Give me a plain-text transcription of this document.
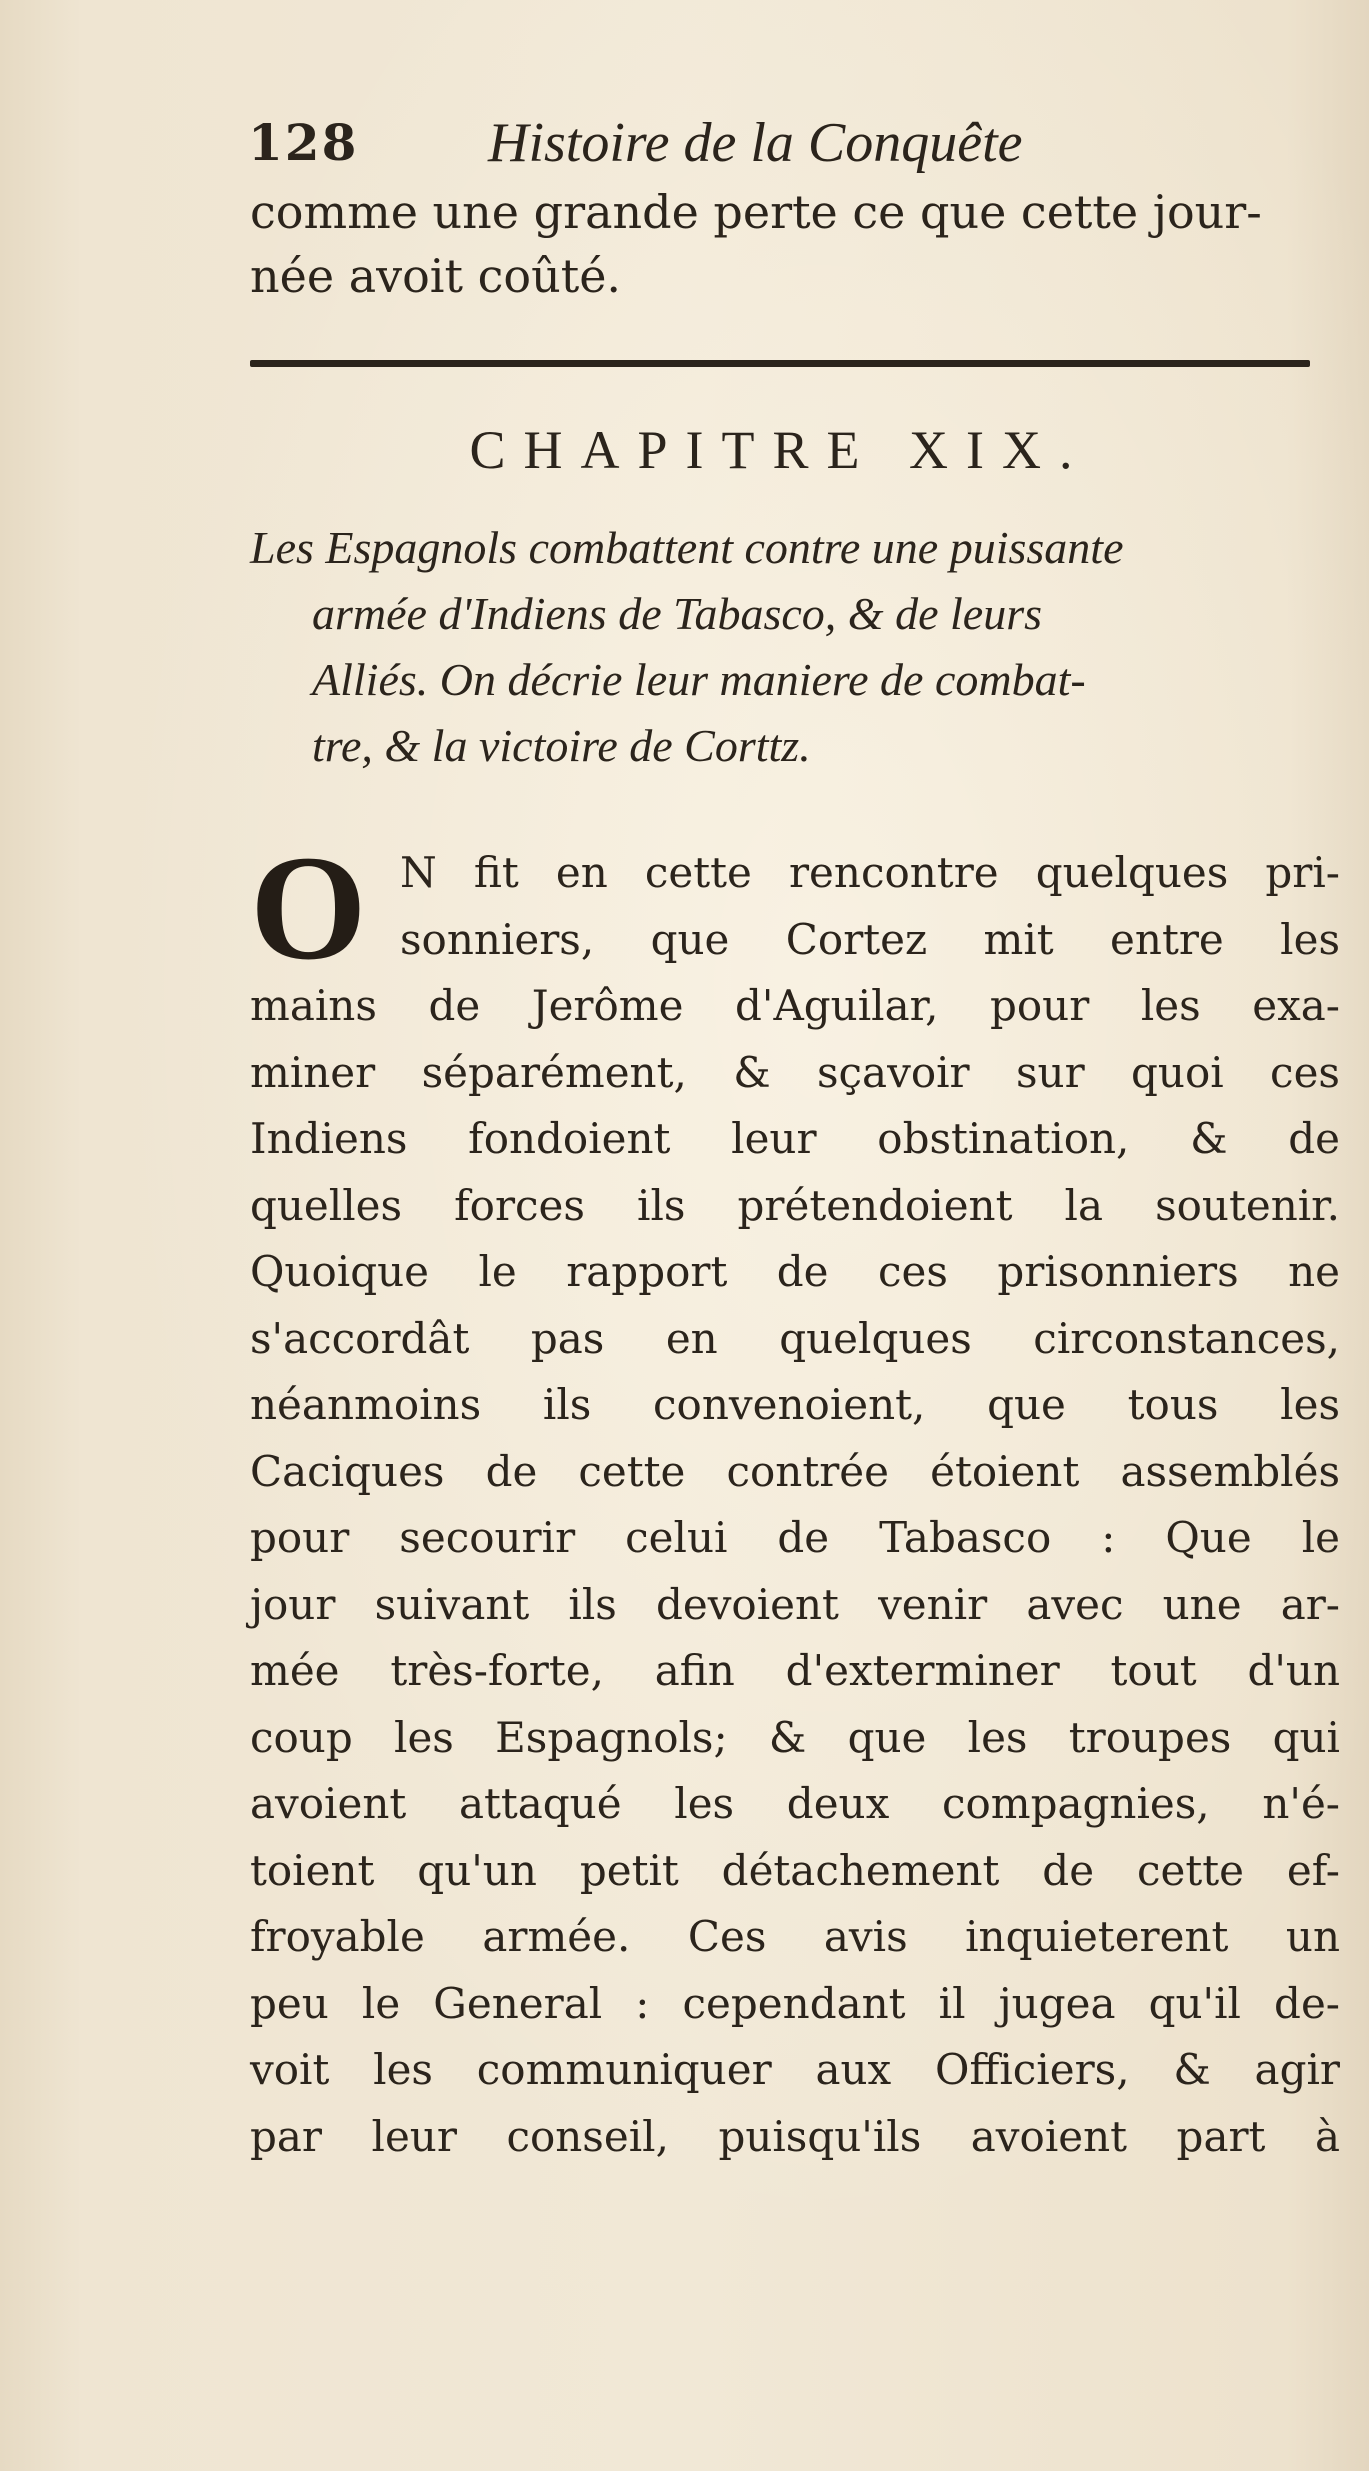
128 Histoire de la Conquête
comme une grande perte ce que cette jour-
née avoit coûté.
CHAPITRE XIX.
Les Espagnols combattent contre une puissante
armée d'Indiens de Tabasco, & de leurs
Alliés. On décrie leur maniere de combat-
tre, & la victoire de Corttz.
O N fit en cette rencontre quelques pri-
sonniers, que Cortez mit entre les
mains de Jerôme d'Aguilar, pour les exa-
miner séparément, & sçavoir sur quoi ces
Indiens fondoient leur obstination, & de
quelles forces ils prétendoient la soutenir.
Quoique le rapport de ces prisonniers ne
s'accordât pas en quelques circonstances,
néanmoins ils convenoient, que tous les
Caciques de cette contrée étoient assemblés
pour secourir celui de Tabasco : Que le
jour suivant ils devoient venir avec une ar-
mée très-forte, afin d'exterminer tout d'un
coup les Espagnols; & que les troupes qui
avoient attaqué les deux compagnies, n'é-
toient qu'un petit détachement de cette ef-
froyable armée. Ces avis inquieterent un
peu le General : cependant il jugea qu'il de-
voit les communiquer aux Officiers, & agir
par leur conseil, puisqu'ils avoient part à
